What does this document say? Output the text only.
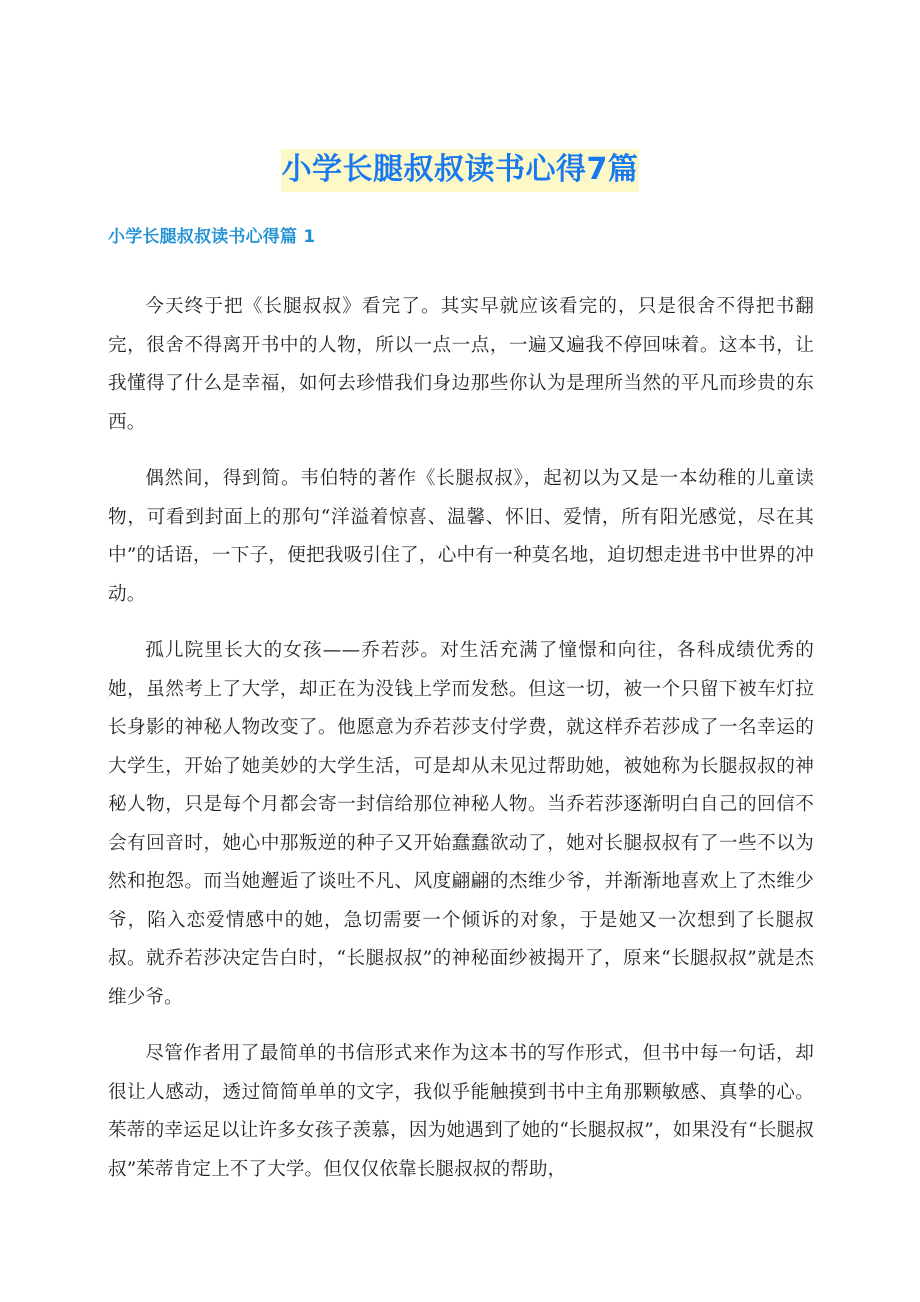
小学长腿叔叔读书心得7篇
小学长腿叔叔读书心得篇 1

今天终于把《长腿叔叔》看完了。其实早就应该看完的，只是很舍不得把书翻完，很舍不得离开书中的人物，所以一点一点，一遍又遍我不停回味着。这本书，让我懂得了什么是幸福，如何去珍惜我们身边那些你认为是理所当然的平凡而珍贵的东西。

偶然间，得到简。韦伯特的著作《长腿叔叔》，起初以为又是一本幼稚的儿童读物，可看到封面上的那句“洋溢着惊喜、温馨、怀旧、爱情，所有阳光感觉，尽在其中”的话语，一下子，便把我吸引住了，心中有一种莫名地，迫切想走进书中世界的冲动。

孤儿院里长大的女孩——乔若莎。对生活充满了憧憬和向往，各科成绩优秀的她，虽然考上了大学，却正在为没钱上学而发愁。但这一切，被一个只留下被车灯拉长身影的神秘人物改变了。他愿意为乔若莎支付学费，就这样乔若莎成了一名幸运的大学生，开始了她美妙的大学生活，可是却从未见过帮助她，被她称为长腿叔叔的神秘人物，只是每个月都会寄一封信给那位神秘人物。当乔若莎逐渐明白自己的回信不会有回音时，她心中那叛逆的种子又开始蠢蠢欲动了，她对长腿叔叔有了一些不以为然和抱怨。而当她邂逅了谈吐不凡、风度翩翩的杰维少爷，并渐渐地喜欢上了杰维少爷，陷入恋爱情感中的她，急切需要一个倾诉的对象，于是她又一次想到了长腿叔叔。就乔若莎决定告白时，“长腿叔叔”的神秘面纱被揭开了，原来“长腿叔叔”就是杰维少爷。

尽管作者用了最简单的书信形式来作为这本书的写作形式，但书中每一句话，却很让人感动，透过简简单单的文字，我似乎能触摸到书中主角那颗敏感、真挚的心。茱蒂的幸运足以让许多女孩子羡慕，因为她遇到了她的“长腿叔叔”，如果没有“长腿叔叔”茱蒂肯定上不了大学。但仅仅依靠长腿叔叔的帮助，
